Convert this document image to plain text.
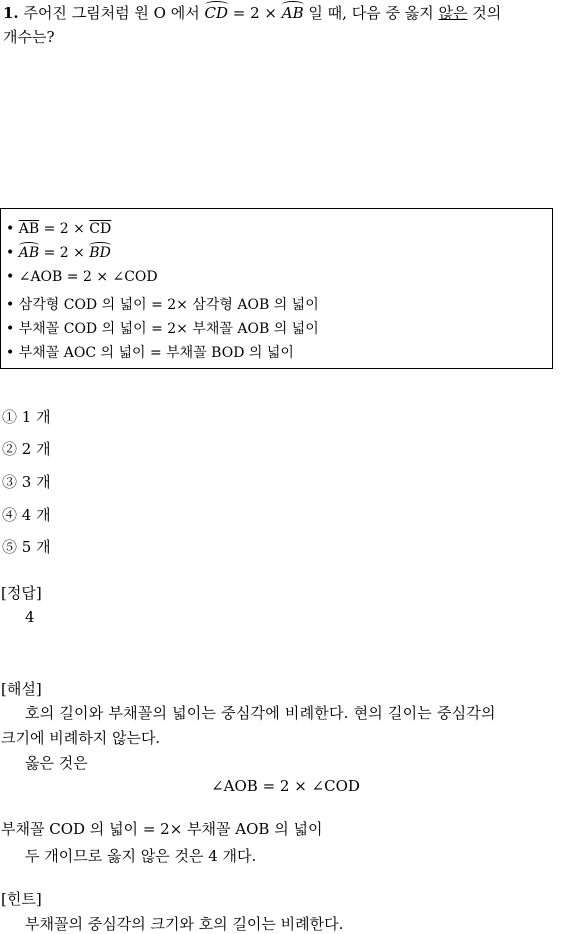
1. 주어진 그림처럼 원 O 에서 CD = 2 × AB 일 때, 다음 중 옳지 않은 것의
개수는?
• $\overline{AB} = 2 \times \overline{CD}$
• AB = 2 × BD
• ∠AOB = 2 × ∠COD
• 삼각형 COD 의 넓이 = 2× 삼각형 AOB 의 넓이
• 부채꼴 COD 의 넓이 = 2× 부채꼴 AOB 의 넓이
• 부채꼴 AOC 의 넓이 = 부채꼴 BOD 의 넓이
① 1 개
② 2 개
③ 3 개
④ 4 개
⑤ 5 개
[정답]
4
[해설]
호의 길이와 부채꼴의 넓이는 중심각에 비례한다. 현의 길이는 중심각의
크기에 비례하지 않는다.
옳은 것은
∠AOB = 2 × ∠COD
부채꼴 COD 의 넓이 = 2× 부채꼴 AOB 의 넓이
두 개이므로 옳지 않은 것은 4 개다.
[힌트]
부채꼴의 중심각의 크기와 호의 길이는 비례한다.
